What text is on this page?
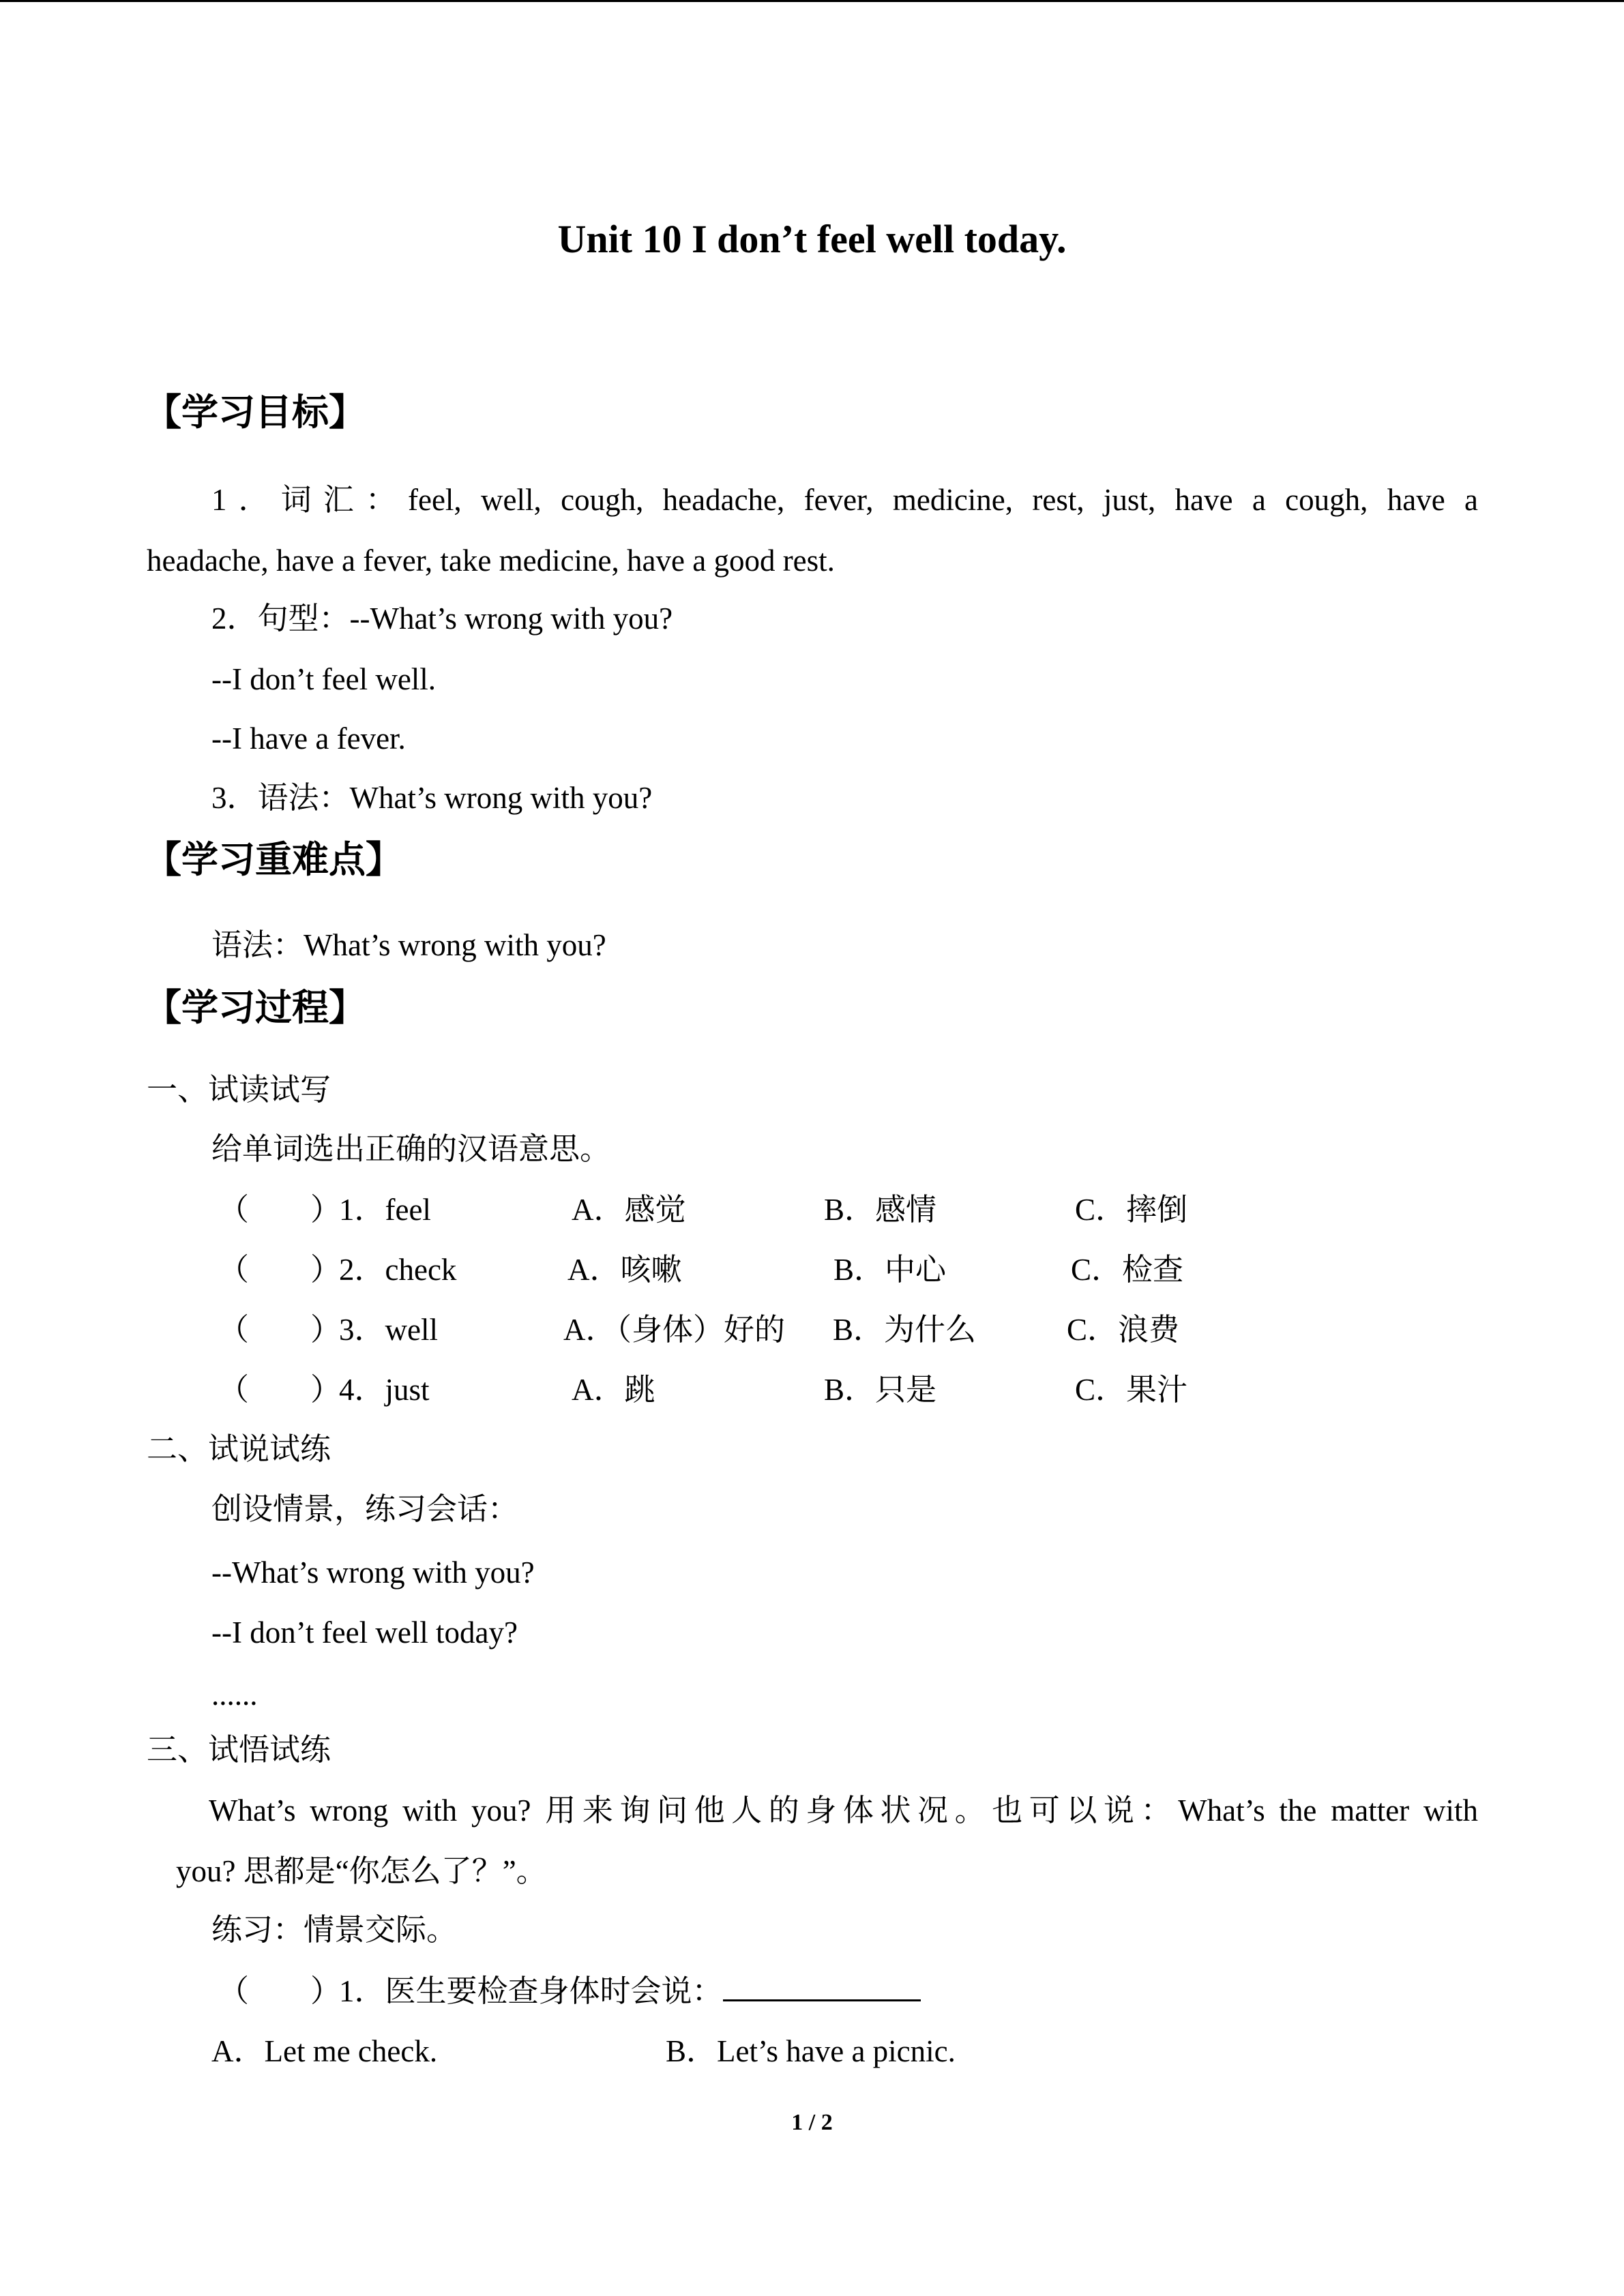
Unit 10 I don’t feel well today.
【学习目标】
1．词汇：feel, well, cough, headache, fever, medicine, rest, just, have a cough, have a
headache, have a fever, take medicine, have a good rest.
2．句型：--What’s wrong with you?
--I don’t feel well.
--I have a fever.
3．语法：What’s wrong with you?
【学习重难点】
语法：What’s wrong with you?
【学习过程】
一、试读试写
给单词选出正确的汉语意思。
（　　）
1．feel	A．感觉	B．感情	C．摔倒
（　　）
2．check	A．咳嗽	B．中心	C．检查
（　　）
3．well	A．（身体）好的 B．为什么	C．浪费
（　　）
4．just	A．跳	B．只是	C．果汁
二、试说试练
创设情景，练习会话：
--What’s wrong with you?
--I don’t feel well today?
......
三、试悟试练
What’s wrong with you? 用来询问他人的身体状况。也可以说：What’s the matter with
you? 思都是“你怎么了？”。
练习：情景交际。
（　　）
1．医生要检查身体时会说：
A．Let me check.	B．Let’s have a picnic.
1 / 2
